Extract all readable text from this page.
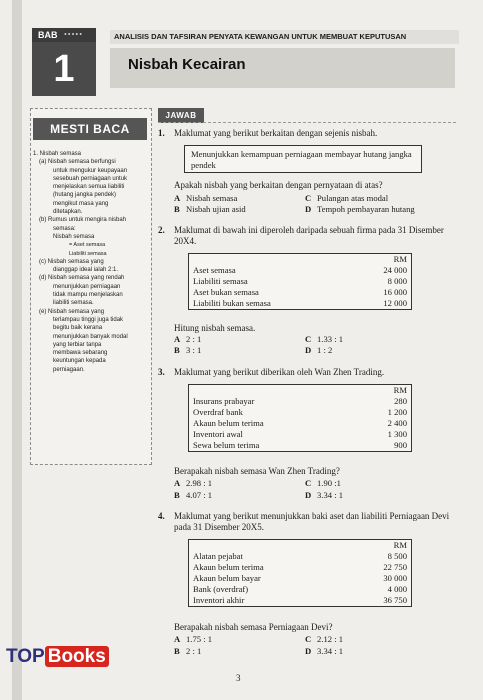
BAB •••••
1
ANALISIS DAN TAFSIRAN PENYATA KEWANGAN UNTUK MEMBUAT KEPUTUSAN
Nisbah Kecairan
MESTI BACA

1. Nisbah semasa

(a) Nisbah semasa berfungsi

untuk mengukur keupayaan

sesebuah perniagaan untuk

menjelaskan semua liabiliti

(hutang jangka pendek)

mengikut masa yang

ditetapkan.

(b) Rumus untuk mengira nisbah

semasa:

Nisbah semasa

= Aset semasa

Liabiliti semasa

(c) Nisbah semasa yang

dianggap ideal ialah 2:1.

(d) Nisbah semasa yang rendah

menunjukkan perniagaan

tidak mampu menjelaskan

liabiliti semasa.

(e) Nisbah semasa yang

terlampau tinggi juga tidak

begitu baik kerana

menunjukkan banyak modal

yang terbiar tanpa

membawa sebarang

keuntungan kepada

perniagaan.

JAWAB
1. Maklumat yang berikut berkaitan dengan sejenis nisbah.
Menunjukkan kemampuan perniagaan membayar hutang jangka pendek
Apakah nisbah yang berkaitan dengan pernyataan di atas?
A Nisbah semasa	C Pulangan atas modal
B Nisbah ujian asid	D Tempoh pembayaran hutang
2. Maklumat di bawah ini diperoleh daripada sebuah firma pada 31 Disember 20X4.
	RM
Aset semasa	24 000
Liabiliti semasa	8 000
Aset bukan semasa	16 000
Liabiliti bukan semasa	12 000
Hitung nisbah semasa.
A 2 : 1	C 1.33 : 1
B 3 : 1	D 1 : 2
3. Maklumat yang berikut diberikan oleh Wan Zhen Trading.
	RM
Insurans prabayar	280
Overdraf bank	1 200
Akaun belum terima	2 400
Inventori awal	1 300
Sewa belum terima	900
Berapakah nisbah semasa Wan Zhen Trading?
A 2.98 : 1	C 1.90 :1
B 4.07 : 1	D 3.34 : 1
4. Maklumat yang berikut menunjukkan baki aset dan liabiliti Perniagaan Devi pada 31 Disember 20X5.
	RM
Alatan pejabat	8 500
Akaun belum terima	22 750
Akaun belum bayar	30 000
Bank (overdraf)	4 000
Inventori akhir	36 750
Berapakah nisbah semasa Perniagaan Devi?
A 1.75 : 1	C 2.12 : 1
B 2 : 1	D 3.34 : 1
3
TOP Books
